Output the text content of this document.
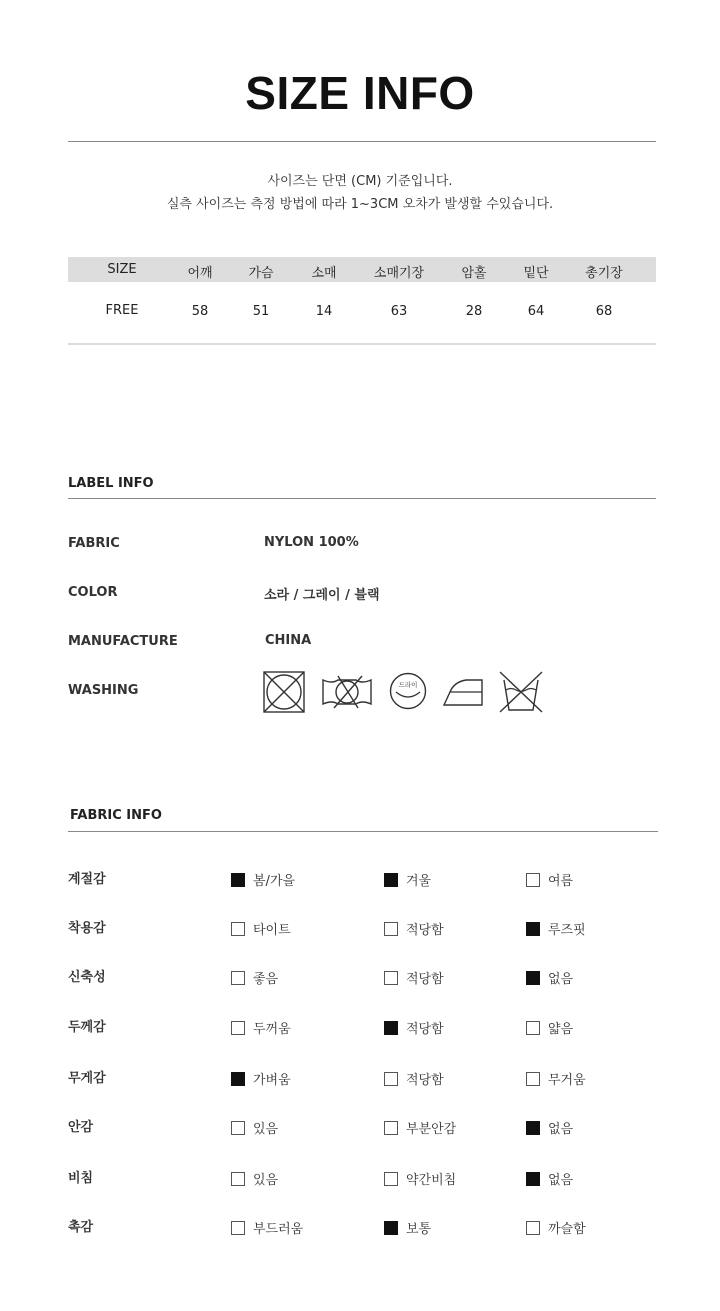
SIZE INFO
사이즈는 단면 (CM) 기준입니다.
실측 사이즈는 측정 방법에 따라 1~3CM 오차가 발생할 수있습니다.
SIZE	어깨	가슴	소매	소매기장	암홀	밑단	총기장
FREE	58	51	14	63	28	64	68
LABEL INFO
FABRIC	NYLON 100%
COLOR	소라 / 그레이 / 블랙
MANUFACTURE	CHINA
WASHING	드라이
FABRIC INFO
계절감	봄/가을	겨울	여름
착용감	타이트	적당함	루즈핏
신축성	좋음	적당함	없음
두께감	두꺼움	적당함	얇음
무게감	가벼움	적당함	무거움
안감	있음	부분안감	없음
비침	있음	약간비침	없음
촉감	부드러움	보통	까슬함
